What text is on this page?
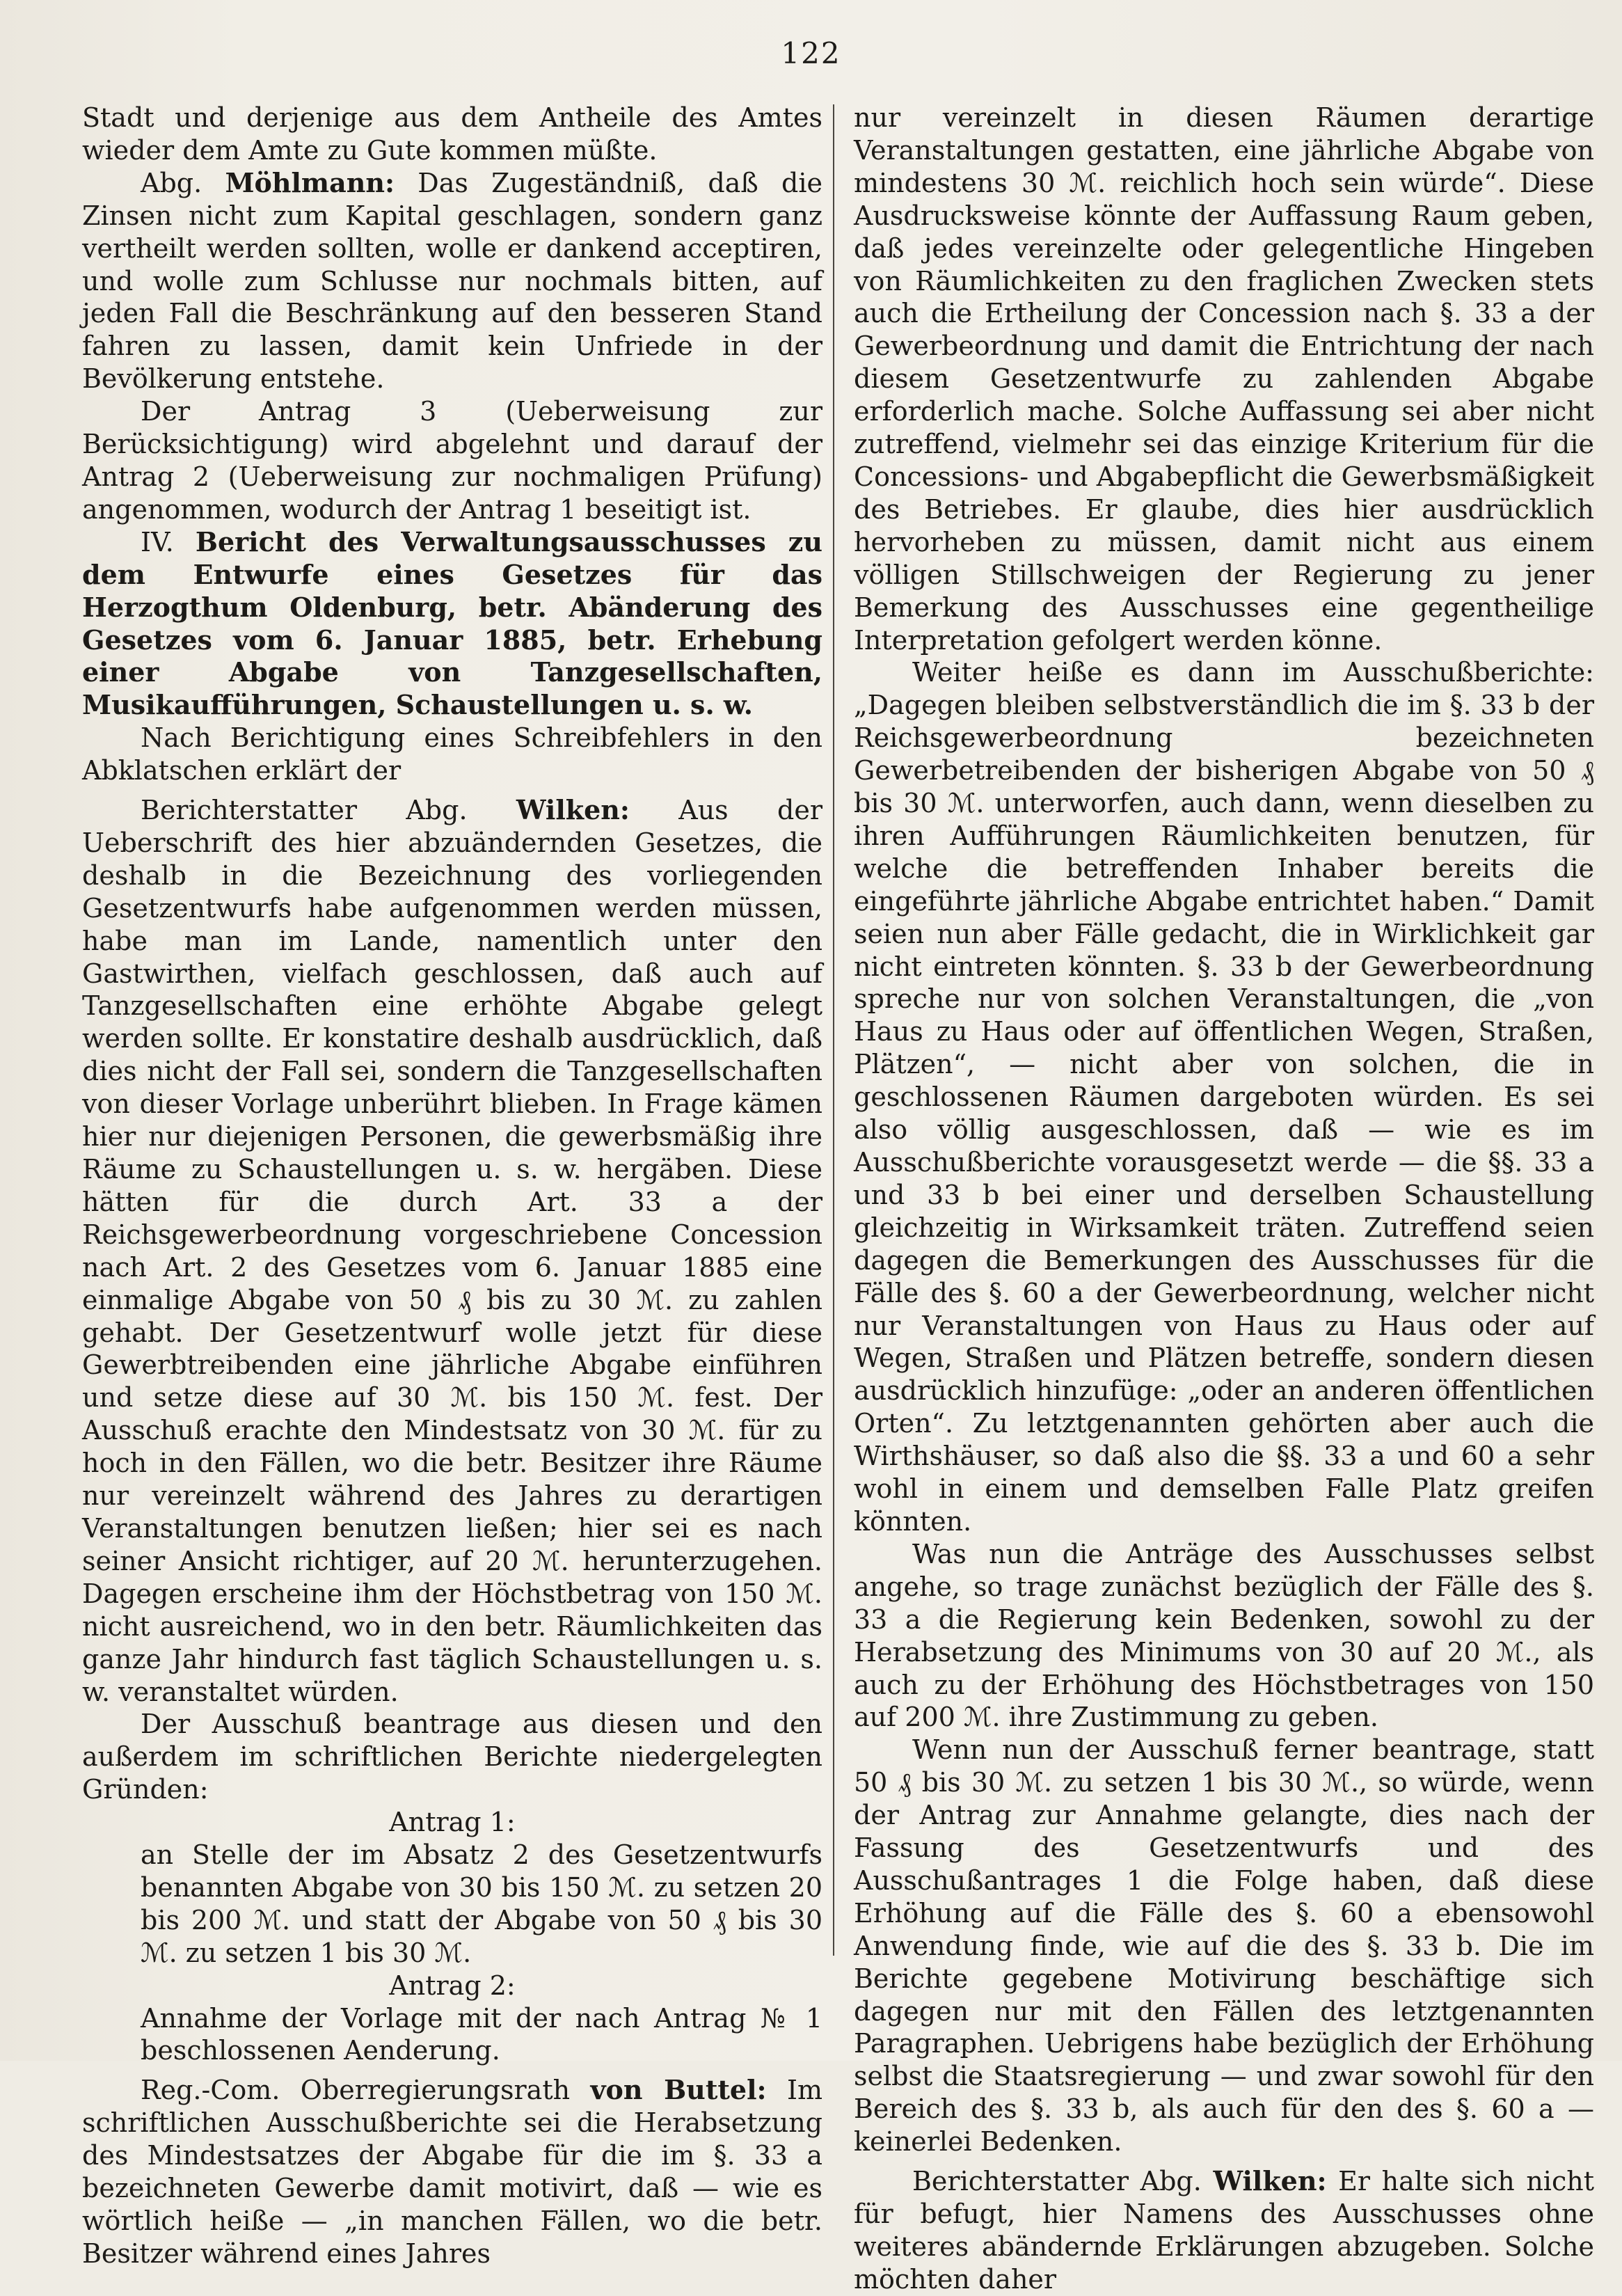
122

Stadt und derjenige aus dem Antheile des Amtes wieder dem Amte zu Gute kommen müßte.

Abg. Möhlmann: Das Zugeständniß, daß die Zinsen nicht zum Kapital geschlagen, sondern ganz vertheilt werden sollten, wolle er dankend acceptiren, und wolle zum Schlusse nur nochmals bitten, auf jeden Fall die Beschränkung auf den besseren Stand fahren zu lassen, damit kein Unfriede in der Bevölkerung entstehe.

Der Antrag 3 (Ueberweisung zur Berücksichtigung) wird abgelehnt und darauf der Antrag 2 (Ueberweisung zur nochmaligen Prüfung) angenommen, wodurch der Antrag 1 beseitigt ist.

IV. Bericht des Verwaltungsausschusses zu dem Entwurfe eines Gesetzes für das Herzogthum Oldenburg, betr. Abänderung des Gesetzes vom 6. Januar 1885, betr. Erhebung einer Abgabe von Tanzgesellschaften, Musikaufführungen, Schaustellungen u. s. w.

Nach Berichtigung eines Schreibfehlers in den Abklatschen erklärt der

Berichterstatter Abg. Wilken: Aus der Ueberschrift des hier abzuändernden Gesetzes, die deshalb in die Bezeichnung des vorliegenden Gesetzentwurfs habe aufgenommen werden müssen, habe man im Lande, namentlich unter den Gastwirthen, vielfach geschlossen, daß auch auf Tanzgesellschaften eine erhöhte Abgabe gelegt werden sollte. Er konstatire deshalb ausdrücklich, daß dies nicht der Fall sei, sondern die Tanzgesellschaften von dieser Vorlage unberührt blieben. In Frage kämen hier nur diejenigen Personen, die gewerbsmäßig ihre Räume zu Schaustellungen u. s. w. hergäben. Diese hätten für die durch Art. 33 a der Reichsgewerbeordnung vorgeschriebene Concession nach Art. 2 des Gesetzes vom 6. Januar 1885 eine einmalige Abgabe von 50 ₰ bis zu 30 ℳ. zu zahlen gehabt. Der Gesetzentwurf wolle jetzt für diese Gewerbtreibenden eine jährliche Abgabe einführen und setze diese auf 30 ℳ. bis 150 ℳ. fest. Der Ausschuß erachte den Mindestsatz von 30 ℳ. für zu hoch in den Fällen, wo die betr. Besitzer ihre Räume nur vereinzelt während des Jahres zu derartigen Veranstaltungen benutzen ließen; hier sei es nach seiner Ansicht richtiger, auf 20 ℳ. herunterzugehen. Dagegen erscheine ihm der Höchstbetrag von 150 ℳ. nicht ausreichend, wo in den betr. Räumlichkeiten das ganze Jahr hindurch fast täglich Schaustellungen u. s. w. veranstaltet würden.

Der Ausschuß beantrage aus diesen und den außerdem im schriftlichen Berichte niedergelegten Gründen:

Antrag 1:

an Stelle der im Absatz 2 des Gesetzentwurfs benannten Abgabe von 30 bis 150 ℳ. zu setzen 20 bis 200 ℳ. und statt der Abgabe von 50 ₰ bis 30 ℳ. zu setzen 1 bis 30 ℳ.

Antrag 2:

Annahme der Vorlage mit der nach Antrag № 1 beschlossenen Aenderung.

Reg.-Com. Oberregierungsrath von Buttel: Im schriftlichen Ausschußberichte sei die Herabsetzung des Mindestsatzes der Abgabe für die im §. 33 a bezeichneten Gewerbe damit motivirt, daß — wie es wörtlich heiße — „in manchen Fällen, wo die betr. Besitzer während eines Jahres

nur vereinzelt in diesen Räumen derartige Veranstaltungen gestatten, eine jährliche Abgabe von mindestens 30 ℳ. reichlich hoch sein würde“. Diese Ausdrucksweise könnte der Auffassung Raum geben, daß jedes vereinzelte oder gelegentliche Hingeben von Räumlichkeiten zu den fraglichen Zwecken stets auch die Ertheilung der Concession nach §. 33 a der Gewerbeordnung und damit die Entrichtung der nach diesem Gesetzentwurfe zu zahlenden Abgabe erforderlich mache. Solche Auffassung sei aber nicht zutreffend, vielmehr sei das einzige Kriterium für die Concessions- und Abgabepflicht die Gewerbsmäßigkeit des Betriebes. Er glaube, dies hier ausdrücklich hervorheben zu müssen, damit nicht aus einem völligen Stillschweigen der Regierung zu jener Bemerkung des Ausschusses eine gegentheilige Interpretation gefolgert werden könne.

Weiter heiße es dann im Ausschußberichte: „Dagegen bleiben selbstverständlich die im §. 33 b der Reichsgewerbeordnung bezeichneten Gewerbetreibenden der bisherigen Abgabe von 50 ₰ bis 30 ℳ. unterworfen, auch dann, wenn dieselben zu ihren Aufführungen Räumlichkeiten benutzen, für welche die betreffenden Inhaber bereits die eingeführte jährliche Abgabe entrichtet haben.“ Damit seien nun aber Fälle gedacht, die in Wirklichkeit gar nicht eintreten könnten. §. 33 b der Gewerbeordnung spreche nur von solchen Veranstaltungen, die „von Haus zu Haus oder auf öffentlichen Wegen, Straßen, Plätzen“, — nicht aber von solchen, die in geschlossenen Räumen dargeboten würden. Es sei also völlig ausgeschlossen, daß — wie es im Ausschußberichte vorausgesetzt werde — die §§. 33 a und 33 b bei einer und derselben Schaustellung gleichzeitig in Wirksamkeit träten. Zutreffend seien dagegen die Bemerkungen des Ausschusses für die Fälle des §. 60 a der Gewerbeordnung, welcher nicht nur Veranstaltungen von Haus zu Haus oder auf Wegen, Straßen und Plätzen betreffe, sondern diesen ausdrücklich hinzufüge: „oder an anderen öffentlichen Orten“. Zu letztgenannten gehörten aber auch die Wirthshäuser, so daß also die §§. 33 a und 60 a sehr wohl in einem und demselben Falle Platz greifen könnten.

Was nun die Anträge des Ausschusses selbst angehe, so trage zunächst bezüglich der Fälle des §. 33 a die Regierung kein Bedenken, sowohl zu der Herabsetzung des Minimums von 30 auf 20 ℳ., als auch zu der Erhöhung des Höchstbetrages von 150 auf 200 ℳ. ihre Zustimmung zu geben.

Wenn nun der Ausschuß ferner beantrage, statt 50 ₰ bis 30 ℳ. zu setzen 1 bis 30 ℳ., so würde, wenn der Antrag zur Annahme gelangte, dies nach der Fassung des Gesetzentwurfs und des Ausschußantrages 1 die Folge haben, daß diese Erhöhung auf die Fälle des §. 60 a ebensowohl Anwendung finde, wie auf die des §. 33 b. Die im Berichte gegebene Motivirung beschäftige sich dagegen nur mit den Fällen des letztgenannten Paragraphen. Uebrigens habe bezüglich der Erhöhung selbst die Staatsregierung — und zwar sowohl für den Bereich des §. 33 b, als auch für den des §. 60 a — keinerlei Bedenken.

Berichterstatter Abg. Wilken: Er halte sich nicht für befugt, hier Namens des Ausschusses ohne weiteres abändernde Erklärungen abzugeben. Solche möchten daher
